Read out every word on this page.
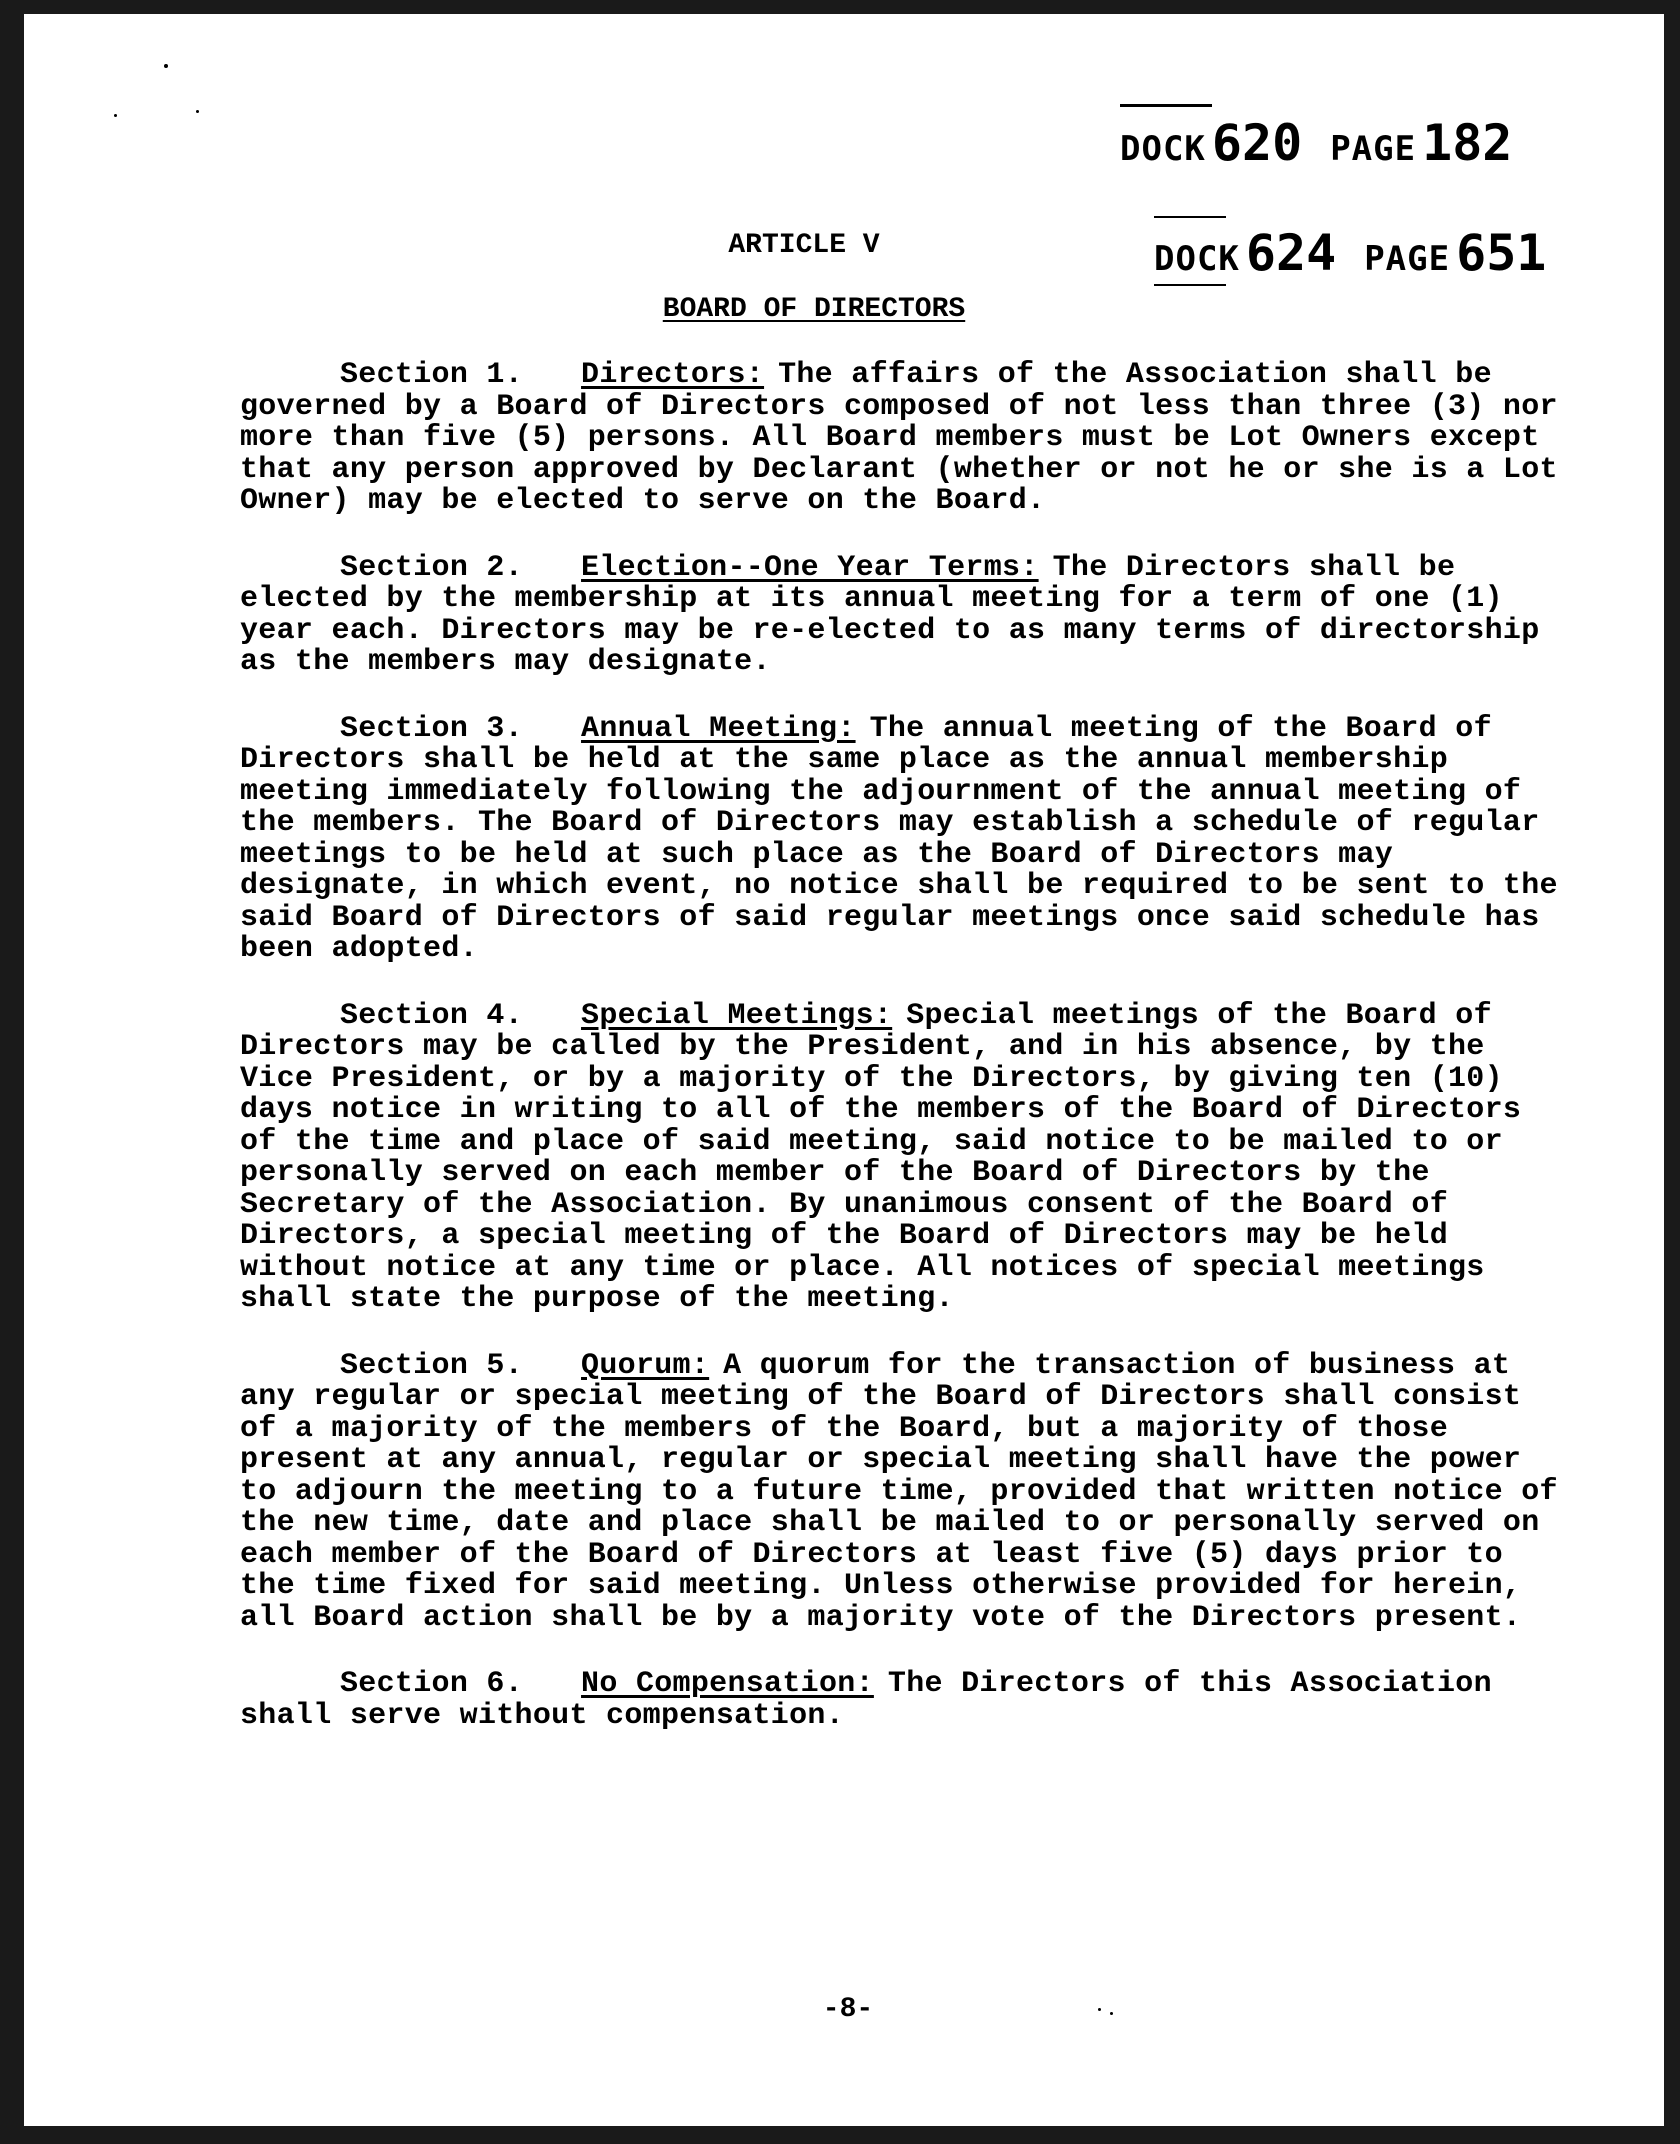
DOCK 620 PAGE 182
DOCK 624 PAGE 651
ARTICLE V
BOARD OF DIRECTORS
Section 1. Directors: The affairs of the Association shall be governed by a Board of Directors composed of not less than three (3) nor more than five (5) persons. All Board members must be Lot Owners except that any person approved by Declarant (whether or not he or she is a Lot Owner) may be elected to serve on the Board.
Section 2. Election--One Year Terms: The Directors shall be elected by the membership at its annual meeting for a term of one (1) year each. Directors may be re-elected to as many terms of directorship as the members may designate.
Section 3. Annual Meeting: The annual meeting of the Board of Directors shall be held at the same place as the annual membership meeting immediately following the adjournment of the annual meeting of the members. The Board of Directors may establish a schedule of regular meetings to be held at such place as the Board of Directors may designate, in which event, no notice shall be required to be sent to the said Board of Directors of said regular meetings once said schedule has been adopted.
Section 4. Special Meetings: Special meetings of the Board of Directors may be called by the President, and in his absence, by the Vice President, or by a majority of the Directors, by giving ten (10) days notice in writing to all of the members of the Board of Directors of the time and place of said meeting, said notice to be mailed to or personally served on each member of the Board of Directors by the Secretary of the Association. By unanimous consent of the Board of Directors, a special meeting of the Board of Directors may be held without notice at any time or place. All notices of special meetings shall state the purpose of the meeting.
Section 5. Quorum: A quorum for the transaction of business at any regular or special meeting of the Board of Directors shall consist of a majority of the members of the Board, but a majority of those present at any annual, regular or special meeting shall have the power to adjourn the meeting to a future time, provided that written notice of the new time, date and place shall be mailed to or personally served on each member of the Board of Directors at least five (5) days prior to the time fixed for said meeting. Unless otherwise provided for herein, all Board action shall be by a majority vote of the Directors present.
Section 6. No Compensation: The Directors of this Association shall serve without compensation.
-8-
